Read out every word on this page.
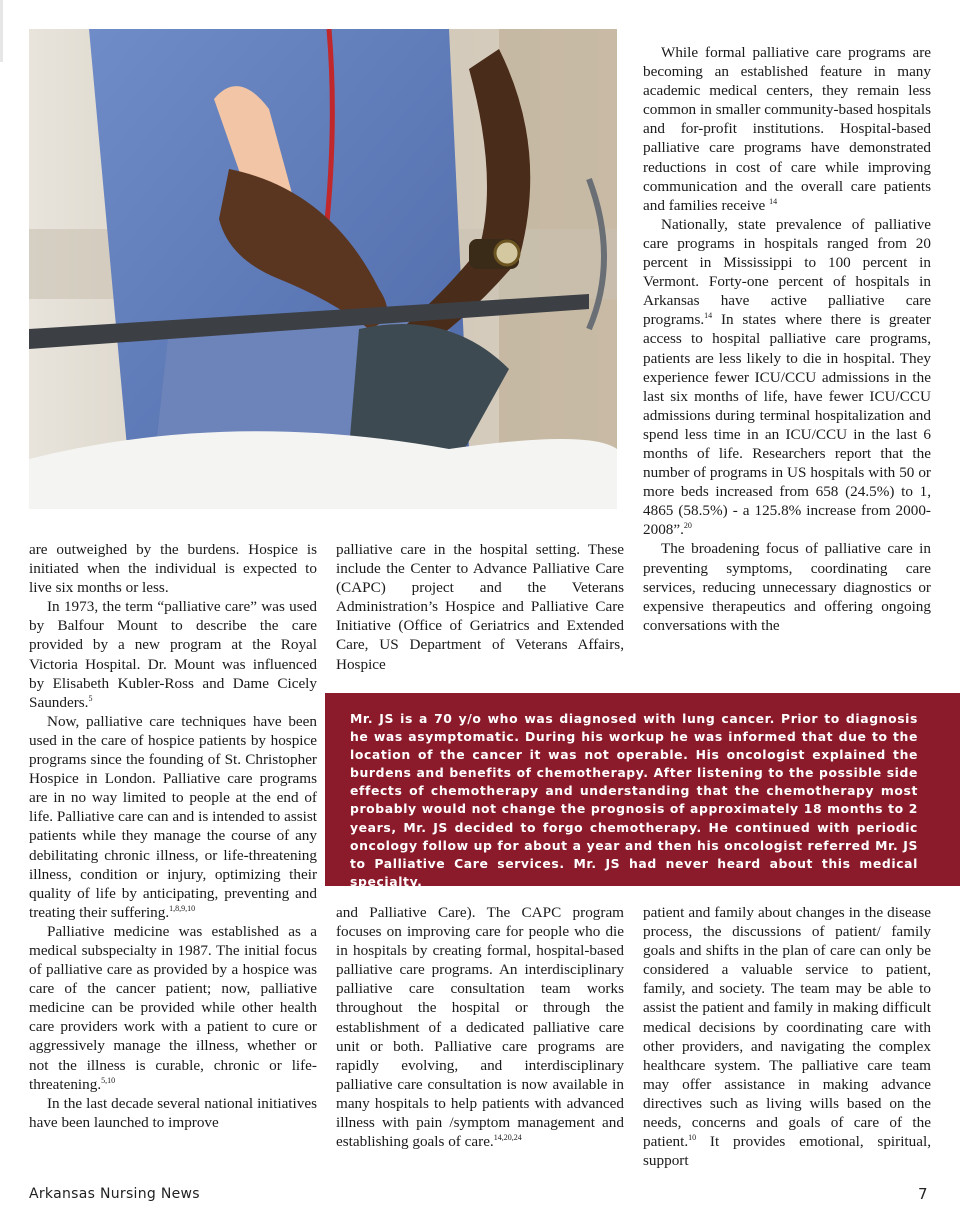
While formal palliative care programs are becoming an established feature in many academic medical centers, they remain less common in smaller community-based hospitals and for-profit institutions. Hospital-based palliative care programs have demonstrated reductions in cost of care while improving communication and the overall care patients and families receive $^{14}$

Nationally, state prevalence of palliative care programs in hospitals ranged from 20 percent in Mississippi to 100 percent in Vermont. Forty-one percent of hospitals in Arkansas have active palliative care programs.$^{14}$ In states where there is greater access to hospital palliative care programs, patients are less likely to die in hospital. They experience fewer ICU/CCU admissions in the last six months of life, have fewer ICU/CCU admissions during terminal hospitalization and spend less time in an ICU/CCU in the last 6 months of life. Researchers report that the number of programs in US hospitals with 50 or more beds increased from 658 (24.5%) to 1, 4865 (58.5%) - a 125.8% increase from 2000-2008”.$^{20}$

The broadening focus of palliative care in preventing symptoms, coordinating care services, reducing unnecessary diagnostics or expensive therapeutics and offering ongoing conversations with the

are outweighed by the burdens. Hospice is initiated when the individual is expected to live six months or less.

In 1973, the term “palliative care” was used by Balfour Mount to describe the care provided by a new program at the Royal Victoria Hospital. Dr. Mount was influenced by Elisabeth Kubler-Ross and Dame Cicely Saunders.$^5$

Now, palliative care techniques have been used in the care of hospice patients by hospice programs since the founding of St. Christopher Hospice in London. Palliative care programs are in no way limited to people at the end of life. Palliative care can and is intended to assist patients while they manage the course of any debilitating chronic illness, or life-threatening illness, condition or injury, optimizing their quality of life by anticipating, preventing and treating their suffering.$^{1,8,9,10}$

Palliative medicine was established as a medical subspecialty in 1987. The initial focus of palliative care as provided by a hospice was care of the cancer patient; now, palliative medicine can be provided while other health care providers work with a patient to cure or aggressively manage the illness, whether or not the illness is curable, chronic or life-threatening.$^{5,10}$

In the last decade several national initiatives have been launched to improve

palliative care in the hospital setting. These include the Center to Advance Palliative Care (CAPC) project and the Veterans Administration’s Hospice and Palliative Care Initiative (Office of Geriatrics and Extended Care, US Department of Veterans Affairs, Hospice

Mr. JS is a 70 y/o who was diagnosed with lung cancer. Prior to diagnosis he was asymptomatic. During his workup he was informed that due to the location of the cancer it was not operable. His oncologist explained the burdens and benefits of chemotherapy. After listening to the possible side effects of chemotherapy and understanding that the chemotherapy most probably would not change the prognosis of approximately 18 months to 2 years, Mr. JS decided to forgo chemotherapy. He continued with periodic oncology follow up for about a year and then his oncologist referred Mr. JS to Palliative Care services. Mr. JS had never heard about this medical specialty.

and Palliative Care). The CAPC program focuses on improving care for people who die in hospitals by creating formal, hospital-based palliative care programs. An interdisciplinary palliative care consultation team works throughout the hospital or through the establishment of a dedicated palliative care unit or both. Palliative care programs are rapidly evolving, and interdisciplinary palliative care consultation is now available in many hospitals to help patients with advanced illness with pain /symptom management and establishing goals of care.$^{14,20,24}$

patient and family about changes in the disease process, the discussions of patient/ family goals and shifts in the plan of care can only be considered a valuable service to patient, family, and society. The team may be able to assist the patient and family in making difficult medical decisions by coordinating care with other providers, and navigating the complex healthcare system. The palliative care team may offer assistance in making advance directives such as living wills based on the needs, concerns and goals of care of the patient.$^{10}$ It provides emotional, spiritual, support

Arkansas Nursing News	7
